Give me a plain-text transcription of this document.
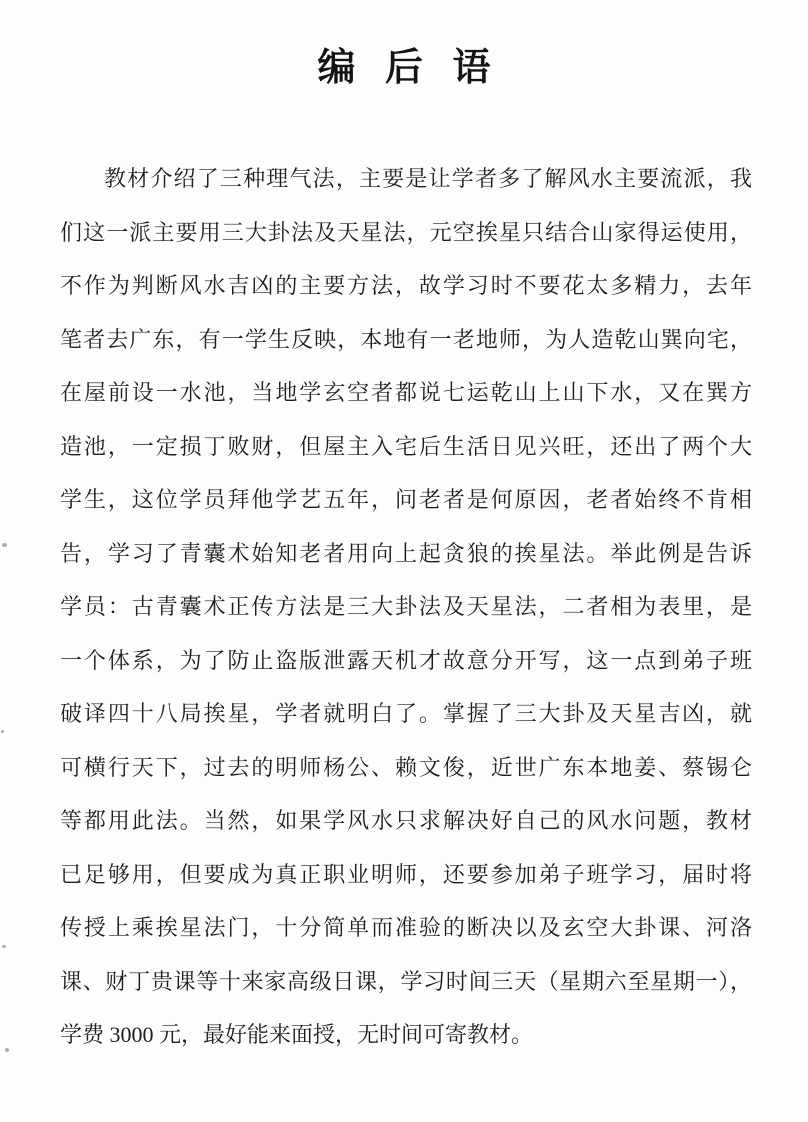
编 后 语
教材介绍了三种理气法，主要是让学者多了解风水主要流派，我
们这一派主要用三大卦法及天星法，元空挨星只结合山家得运使用，
不作为判断风水吉凶的主要方法，故学习时不要花太多精力，去年
笔者去广东，有一学生反映，本地有一老地师，为人造乾山巽向宅，
在屋前设一水池，当地学玄空者都说七运乾山上山下水，又在巽方
造池，一定损丁败财，但屋主入宅后生活日见兴旺，还出了两个大
学生，这位学员拜他学艺五年，问老者是何原因，老者始终不肯相
告，学习了青囊术始知老者用向上起贪狼的挨星法。举此例是告诉
学员：古青囊术正传方法是三大卦法及天星法，二者相为表里，是
一个体系，为了防止盗版泄露天机才故意分开写，这一点到弟子班
破译四十八局挨星，学者就明白了。掌握了三大卦及天星吉凶，就
可横行天下，过去的明师杨公、赖文俊，近世广东本地姜、蔡锡仑
等都用此法。当然，如果学风水只求解决好自己的风水问题，教材
已足够用，但要成为真正职业明师，还要参加弟子班学习，届时将
传授上乘挨星法门，十分简单而准验的断决以及玄空大卦课、河洛
课、财丁贵课等十来家高级日课，学习时间三天（星期六至星期一），
学费 3000 元，最好能来面授，无时间可寄教材。
